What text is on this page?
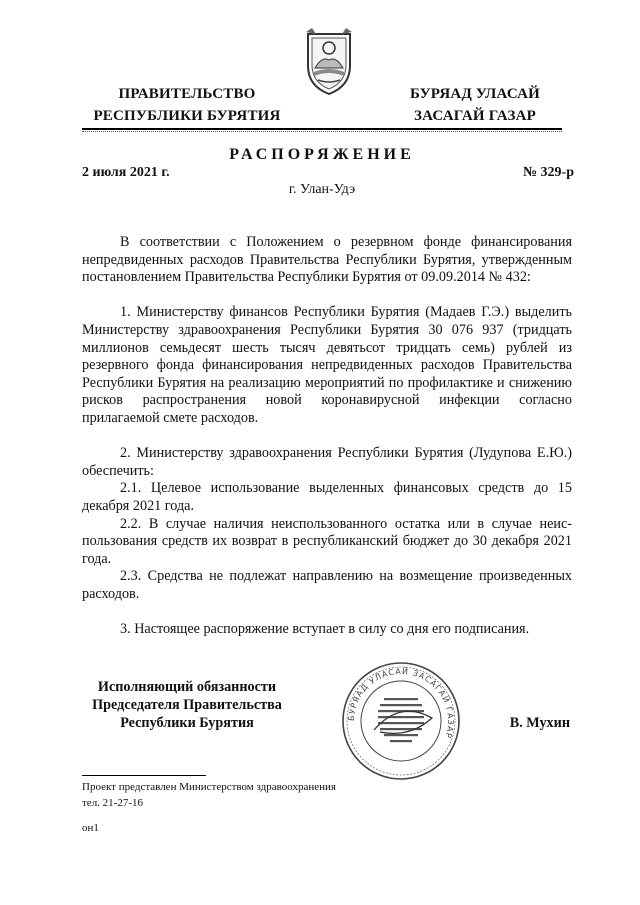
ПРАВИТЕЛЬСТВО
РЕСПУБЛИКИ БУРЯТИЯ
БУРЯАД УЛАСАЙ
ЗАСАГАЙ ГАЗАР
РАСПОРЯЖЕНИЕ
2 июля 2021 г.	№ 329-р
г. Улан-Удэ

В соответствии с Положением о резервном фонде финансирования непредвиденных расходов Правительства Республики Бурятия, утвержденным постановлением Правительства Республики Бурятия от 09.09.2014 № 432:

1. Министерству финансов Республики Бурятия (Мадаев Г.Э.) выделить Министерству здравоохранения Республики Бурятия 30 076 937 (тридцать миллионов семьдесят шесть тысяч девятьсот тридцать семь) рублей из резервного фонда финансирования непредвиденных расходов Правительства Республики Бурятия на реализацию мероприятий по профилактике и снижению рисков распространения новой коронавирусной инфекции согласно прилагаемой смете расходов.

2. Министерству здравоохранения Республики Бурятия (Лудупова Е.Ю.) обеспечить:

2.1. Целевое использование выделенных финансовых средств до 15 декабря 2021 года.

2.2. В случае наличия неиспользованного остатка или в случае неиспользования средств их возврат в республиканский бюджет до 30 декабря 2021 года.

2.3. Средства не подлежат направлению на возмещение произведенных расходов.

3. Настоящее распоряжение вступает в силу со дня его подписания.

Исполняющий обязанности
Председателя Правительства
Республики Бурятия	БУРЯАД УЛАСАЙ ЗАСАГАЙ ГАЗАР
В. Мухин
Проект представлен Министерством здравоохранения
тел. 21-27-16
он1
